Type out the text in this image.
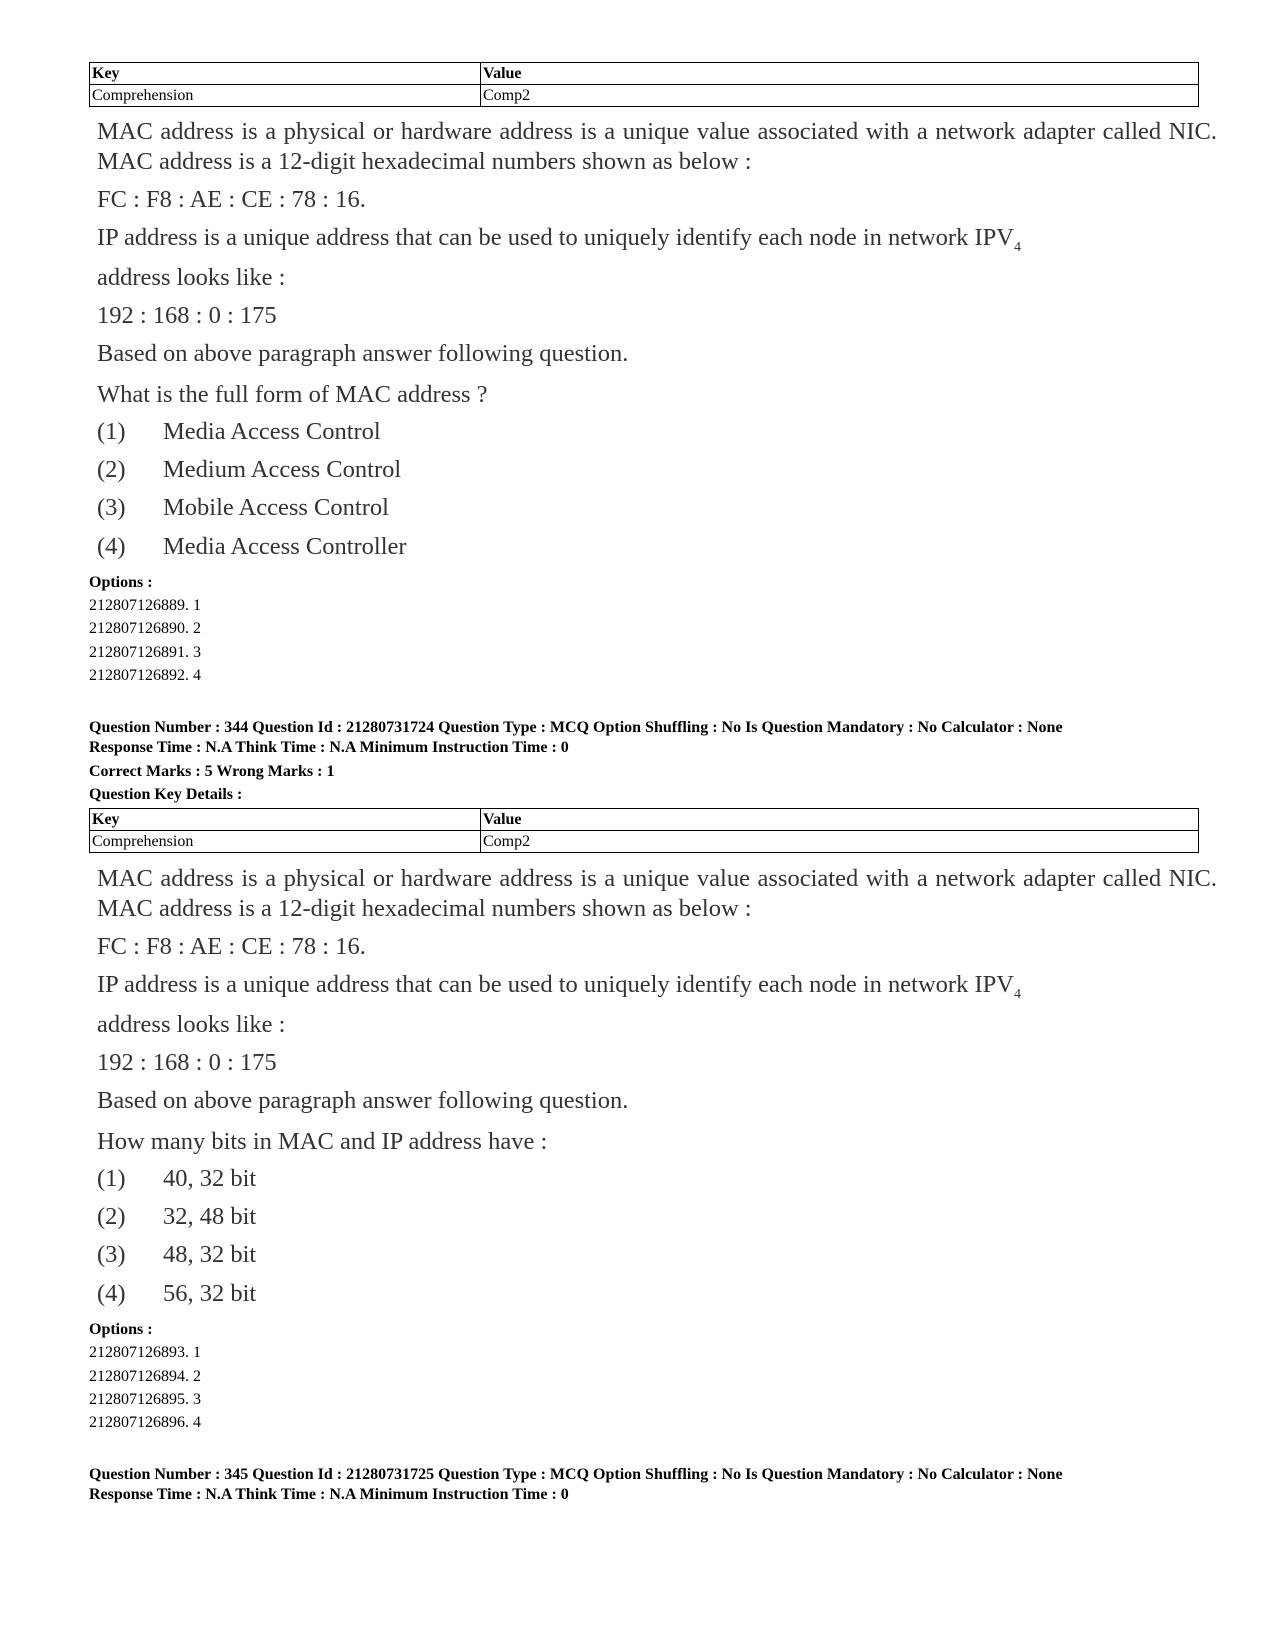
Key	Value
Comprehension	Comp2

MAC address is a physical or hardware address is a unique value associated with a network adapter called NIC. MAC address is a 12-digit hexadecimal numbers shown as below :

FC : F8 : AE : CE : 78 : 16.

IP address is a unique address that can be used to uniquely identify each node in network $IPV_4$

address looks like :

192 : 168 : 0 : 175

Based on above paragraph answer following question.

What is the full form of MAC address ?
(1) Media Access Control
(2) Medium Access Control
(3) Mobile Access Control
(4) Media Access Controller
Options :
212807126889. 1
212807126890. 2
212807126891. 3
212807126892. 4
Question Number : 344 Question Id : 21280731724 Question Type : MCQ Option Shuffling : No Is Question Mandatory : No Calculator : None
Response Time : N.A Think Time : N.A Minimum Instruction Time : 0
Correct Marks : 5 Wrong Marks : 1
Question Key Details :
Key	Value
Comprehension	Comp2

MAC address is a physical or hardware address is a unique value associated with a network adapter called NIC. MAC address is a 12-digit hexadecimal numbers shown as below :

FC : F8 : AE : CE : 78 : 16.

IP address is a unique address that can be used to uniquely identify each node in network $IPV_4$

address looks like :

192 : 168 : 0 : 175

Based on above paragraph answer following question.

How many bits in MAC and IP address have :
(1) 40, 32 bit
(2) 32, 48 bit
(3) 48, 32 bit
(4) 56, 32 bit
Options :
212807126893. 1
212807126894. 2
212807126895. 3
212807126896. 4
Question Number : 345 Question Id : 21280731725 Question Type : MCQ Option Shuffling : No Is Question Mandatory : No Calculator : None
Response Time : N.A Think Time : N.A Minimum Instruction Time : 0
